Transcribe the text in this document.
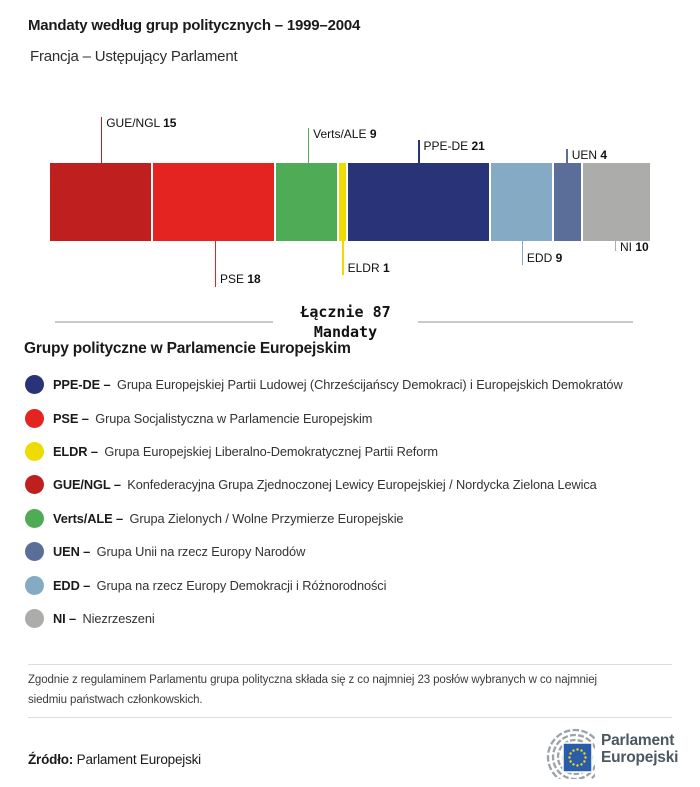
Mandaty według grup politycznych – 1999–2004
Francja – Ustępujący Parlament
GUE/NGL 15
PSE 18
Verts/ALE 9
ELDR 1
PPE-DE 21
EDD 9
UEN 4
NI 10
Łącznie 87
Mandaty
Grupy polityczne w Parlamencie Europejskim
PPE-DE – Grupa Europejskiej Partii Ludowej (Chrześcijańscy Demokraci) i Europejskich Demokratów
PSE – Grupa Socjalistyczna w Parlamencie Europejskim
ELDR – Grupa Europejskiej Liberalno-Demokratycznej Partii Reform
GUE/NGL – Konfederacyjna Grupa Zjednoczonej Lewicy Europejskiej / Nordycka Zielona Lewica
Verts/ALE – Grupa Zielonych / Wolne Przymierze Europejskie
UEN – Grupa Unii na rzecz Europy Narodów
EDD – Grupa na rzecz Europy Demokracji i Różnorodności
NI – Niezrzeszeni
Zgodnie z regulaminem Parlamentu grupa polityczna składa się z co najmniej 23 posłów wybranych w co najmniej
siedmiu państwach członkowskich.
Źródło: Parlament Europejski
Parlament
Europejski
